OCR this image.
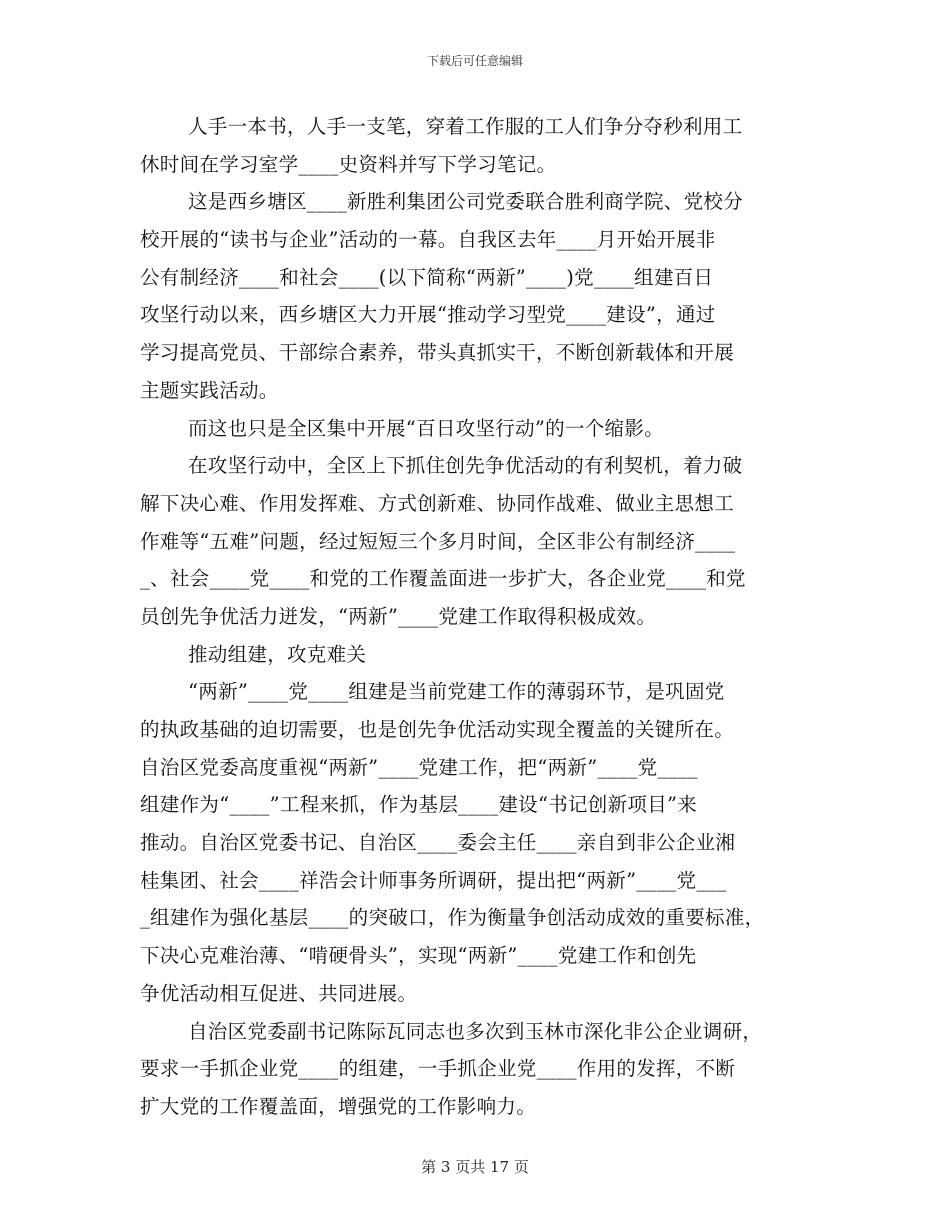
下载后可任意编辑
人手一本书，人手一支笔，穿着工作服的工人们争分夺秒利用工
休时间在学习室学____史资料并写下学习笔记。
这是西乡塘区____新胜利集团公司党委联合胜利商学院、党校分
校开展的“读书与企业”活动的一幕。自我区去年____月开始开展非
公有制经济____和社会____(以下简称“两新”____)党____组建百日
攻坚行动以来，西乡塘区大力开展“推动学习型党____建设”，通过
学习提高党员、干部综合素养，带头真抓实干，不断创新载体和开展
主题实践活动。
而这也只是全区集中开展“百日攻坚行动”的一个缩影。
在攻坚行动中，全区上下抓住创先争优活动的有利契机，着力破
解下决心难、作用发挥难、方式创新难、协同作战难、做业主思想工
作难等“五难”问题，经过短短三个多月时间，全区非公有制经济____
_、社会____党____和党的工作覆盖面进一步扩大，各企业党____和党
员创先争优活力迸发，“两新”____党建工作取得积极成效。
推动组建，攻克难关
“两新”____党____组建是当前党建工作的薄弱环节，是巩固党
的执政基础的迫切需要，也是创先争优活动实现全覆盖的关键所在。
自治区党委高度重视“两新”____党建工作，把“两新”____党____
组建作为“____”工程来抓，作为基层____建设“书记创新项目”来
推动。自治区党委书记、自治区____委会主任____亲自到非公企业湘
桂集团、社会____祥浩会计师事务所调研，提出把“两新”____党___
_组建作为强化基层____的突破口，作为衡量争创活动成效的重要标准，
下决心克难治薄、“啃硬骨头”，实现“两新”____党建工作和创先
争优活动相互促进、共同进展。
自治区党委副书记陈际瓦同志也多次到玉林市深化非公企业调研，
要求一手抓企业党____的组建，一手抓企业党____作用的发挥，不断
扩大党的工作覆盖面，增强党的工作影响力。
第 3 页共 17 页
